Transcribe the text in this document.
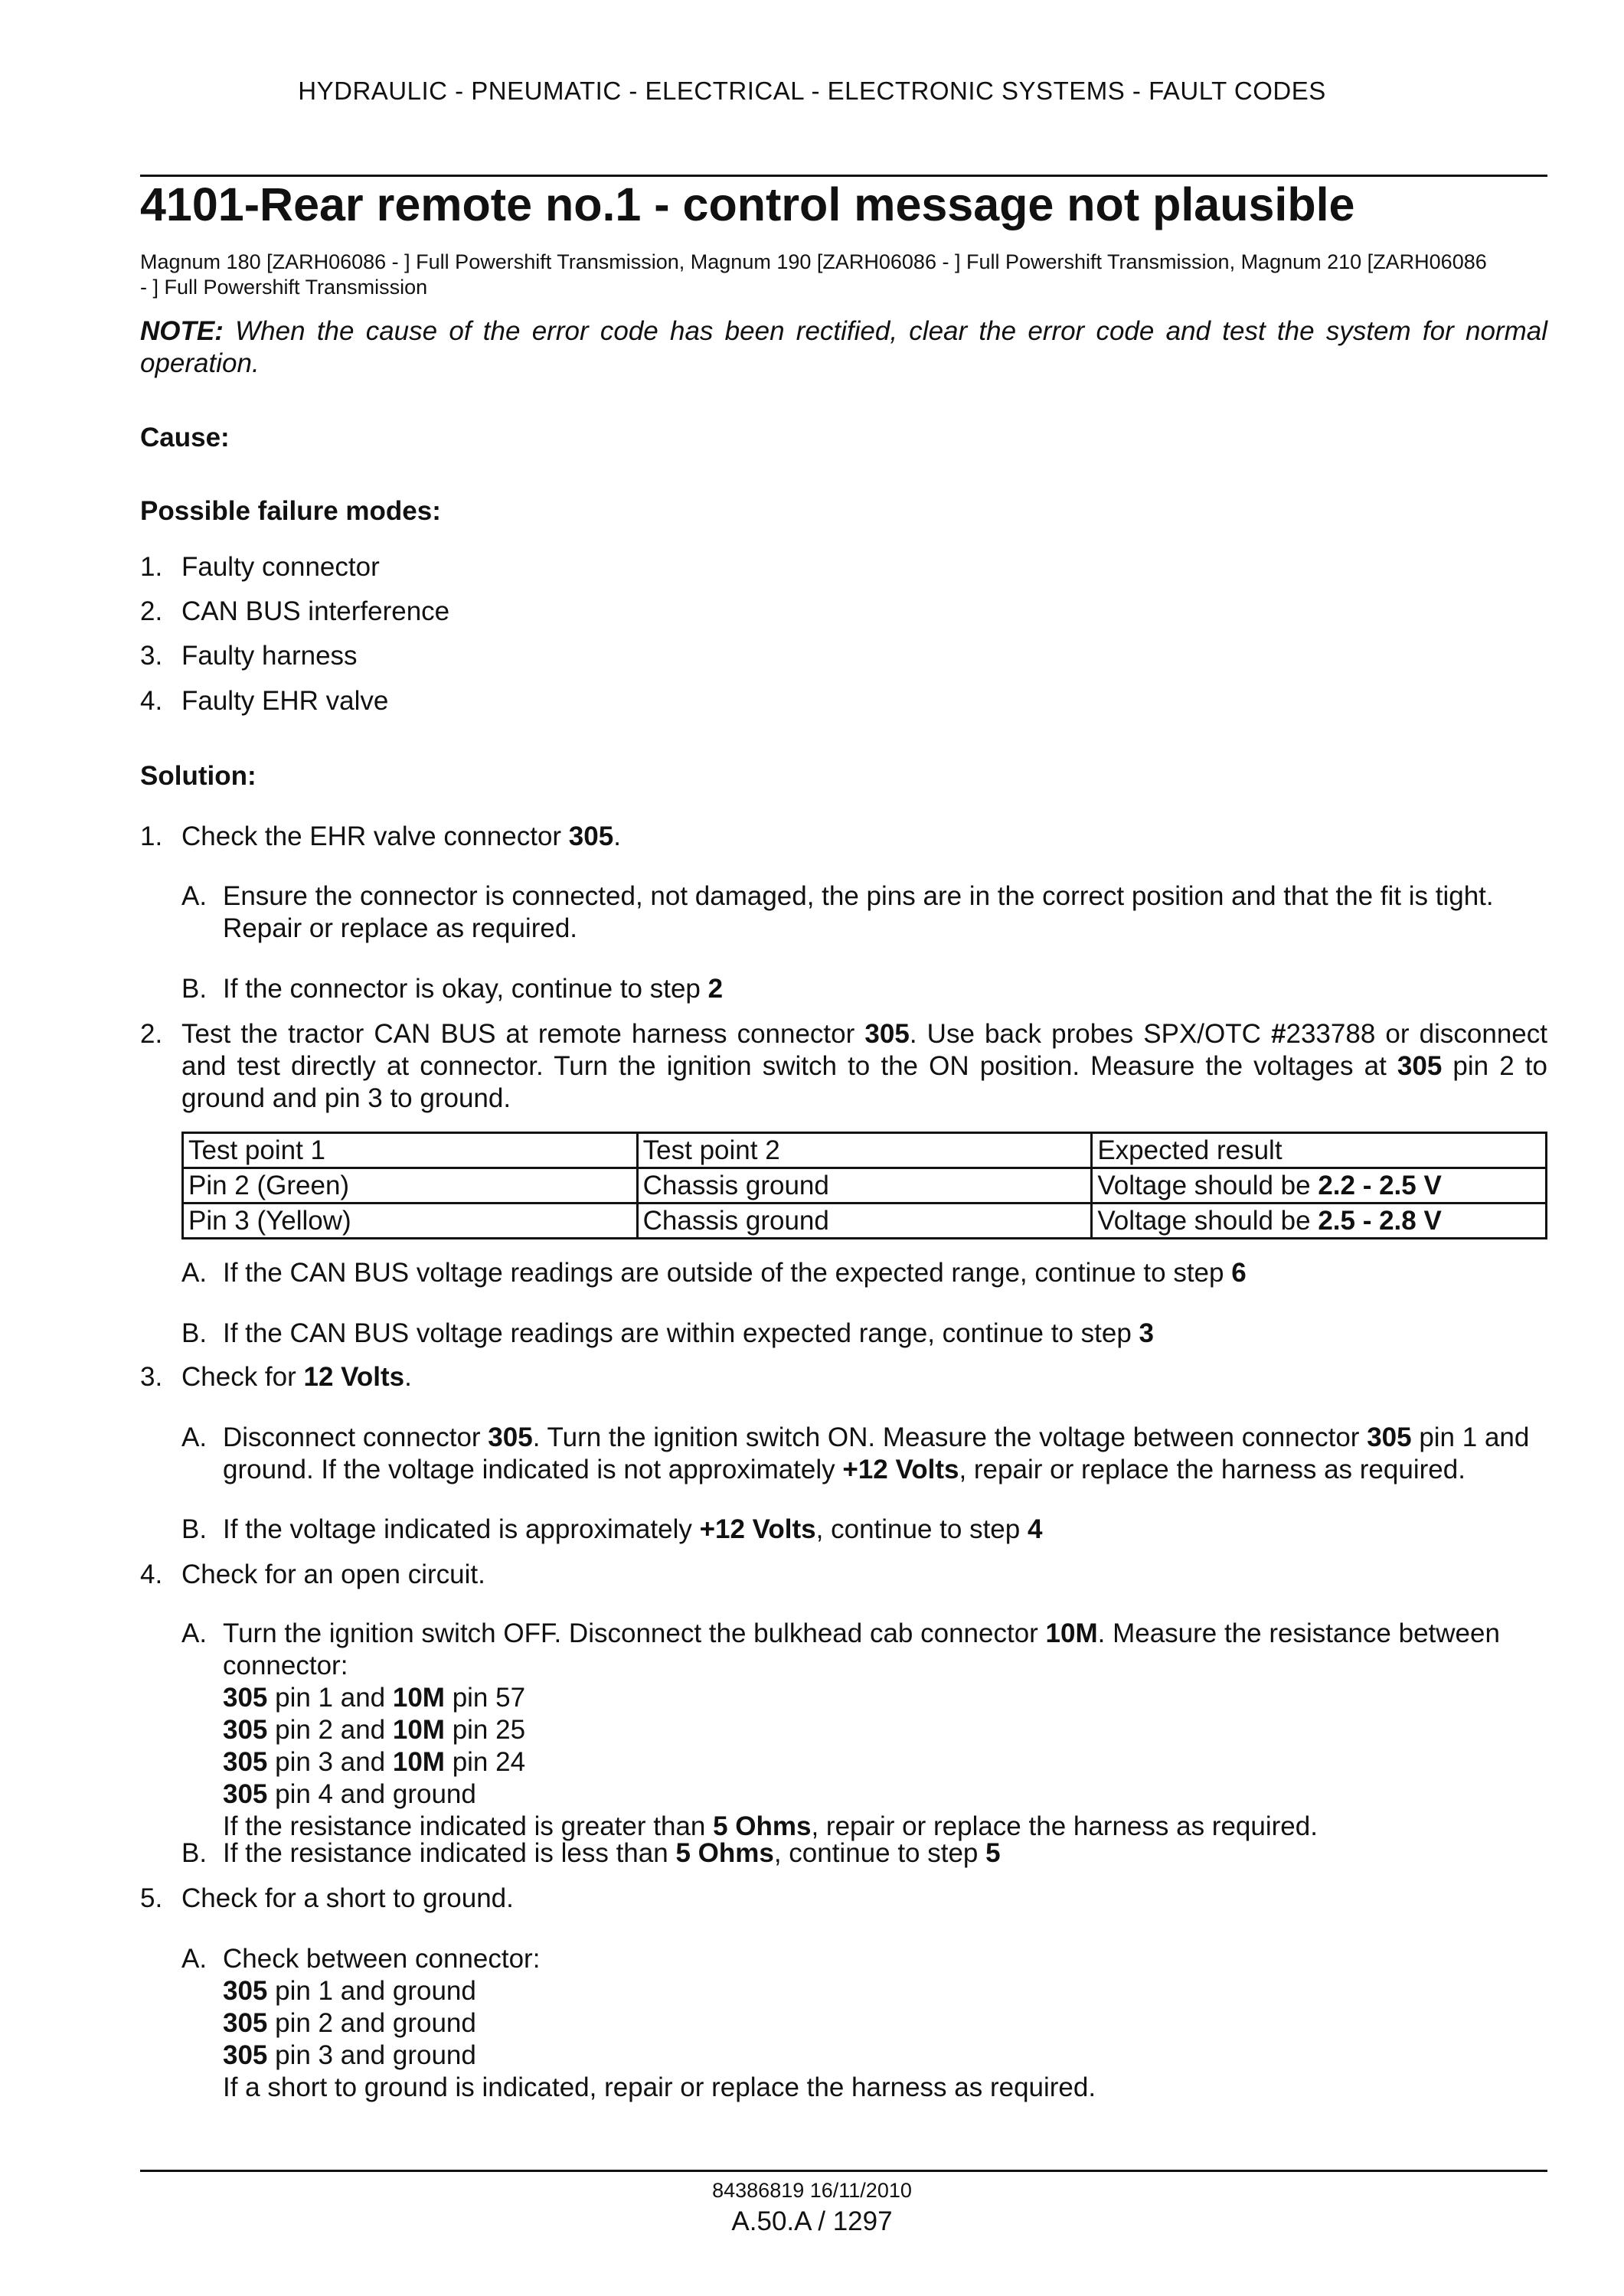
HYDRAULIC - PNEUMATIC - ELECTRICAL - ELECTRONIC SYSTEMS - FAULT CODES
4101-Rear remote no.1 - control message not plausible
Magnum 180 [ZARH06086 - ] Full Powershift Transmission, Magnum 190 [ZARH06086 - ] Full Powershift Transmission, Magnum 210 [ZARH06086
- ] Full Powershift Transmission
NOTE: When the cause of the error code has been rectified, clear the error code and test the system for normal operation.
Cause:
Possible failure modes:
1. Faulty connector
2. CAN BUS interference
3. Faulty harness
4. Faulty EHR valve
Solution:
1. Check the EHR valve connector 305.
A. Ensure the connector is connected, not damaged, the pins are in the correct position and that the fit is tight. Repair or replace as required.
B. If the connector is okay, continue to step 2
2. Test the tractor CAN BUS at remote harness connector 305. Use back probes SPX/OTC #233788 or disconnect and test directly at connector. Turn the ignition switch to the ON position. Measure the voltages at 305 pin 2 to ground and pin 3 to ground.
Test point 1	Test point 2	Expected result
Pin 2 (Green)	Chassis ground	Voltage should be 2.2 - 2.5 V
Pin 3 (Yellow)	Chassis ground	Voltage should be 2.5 - 2.8 V
A. If the CAN BUS voltage readings are outside of the expected range, continue to step 6
B. If the CAN BUS voltage readings are within expected range, continue to step 3
3. Check for 12 Volts.
A. Disconnect connector 305. Turn the ignition switch ON. Measure the voltage between connector 305 pin 1 and ground. If the voltage indicated is not approximately +12 Volts, repair or replace the harness as required.
B. If the voltage indicated is approximately +12 Volts, continue to step 4
4. Check for an open circuit.
A. Turn the ignition switch OFF. Disconnect the bulkhead cab connector 10M. Measure the resistance between connector:
305 pin 1 and 10M pin 57
305 pin 2 and 10M pin 25
305 pin 3 and 10M pin 24
305 pin 4 and ground
If the resistance indicated is greater than 5 Ohms, repair or replace the harness as required.
B. If the resistance indicated is less than 5 Ohms, continue to step 5
5. Check for a short to ground.
A. Check between connector:
305 pin 1 and ground
305 pin 2 and ground
305 pin 3 and ground
If a short to ground is indicated, repair or replace the harness as required.
84386819 16/11/2010
A.50.A / 1297
